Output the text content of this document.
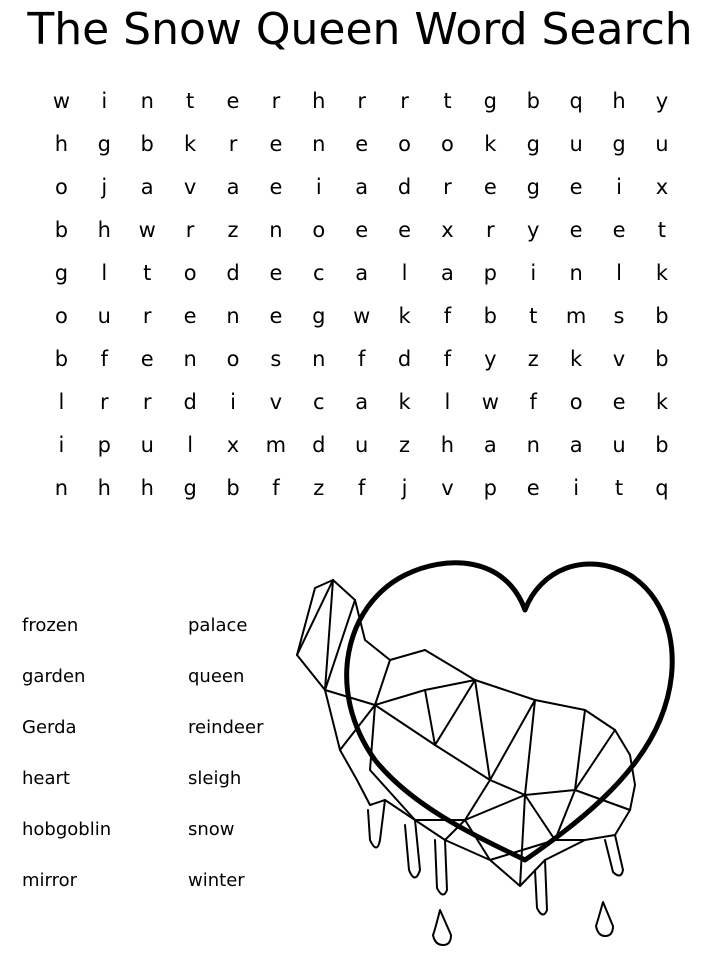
The Snow Queen Word Search
w	i	n	t	e	r	h	r	r	t	g	b	q	h	y
h	g	b	k	r	e	n	e	o	o	k	g	u	g	u
o	j	a	v	a	e	i	a	d	r	e	g	e	i	x
b	h	w	r	z	n	o	e	e	x	r	y	e	e	t
g	l	t	o	d	e	c	a	l	a	p	i	n	l	k
o	u	r	e	n	e	g	w	k	f	b	t	m	s	b
b	f	e	n	o	s	n	f	d	f	y	z	k	v	b
l	r	r	d	i	v	c	a	k	l	w	f	o	e	k
i	p	u	l	x	m	d	u	z	h	a	n	a	u	b
n	h	h	g	b	f	z	f	j	v	p	e	i	t	q
frozen
garden
Gerda
heart
hobgoblin
mirror
palace
queen
reindeer
sleigh
snow
winter
